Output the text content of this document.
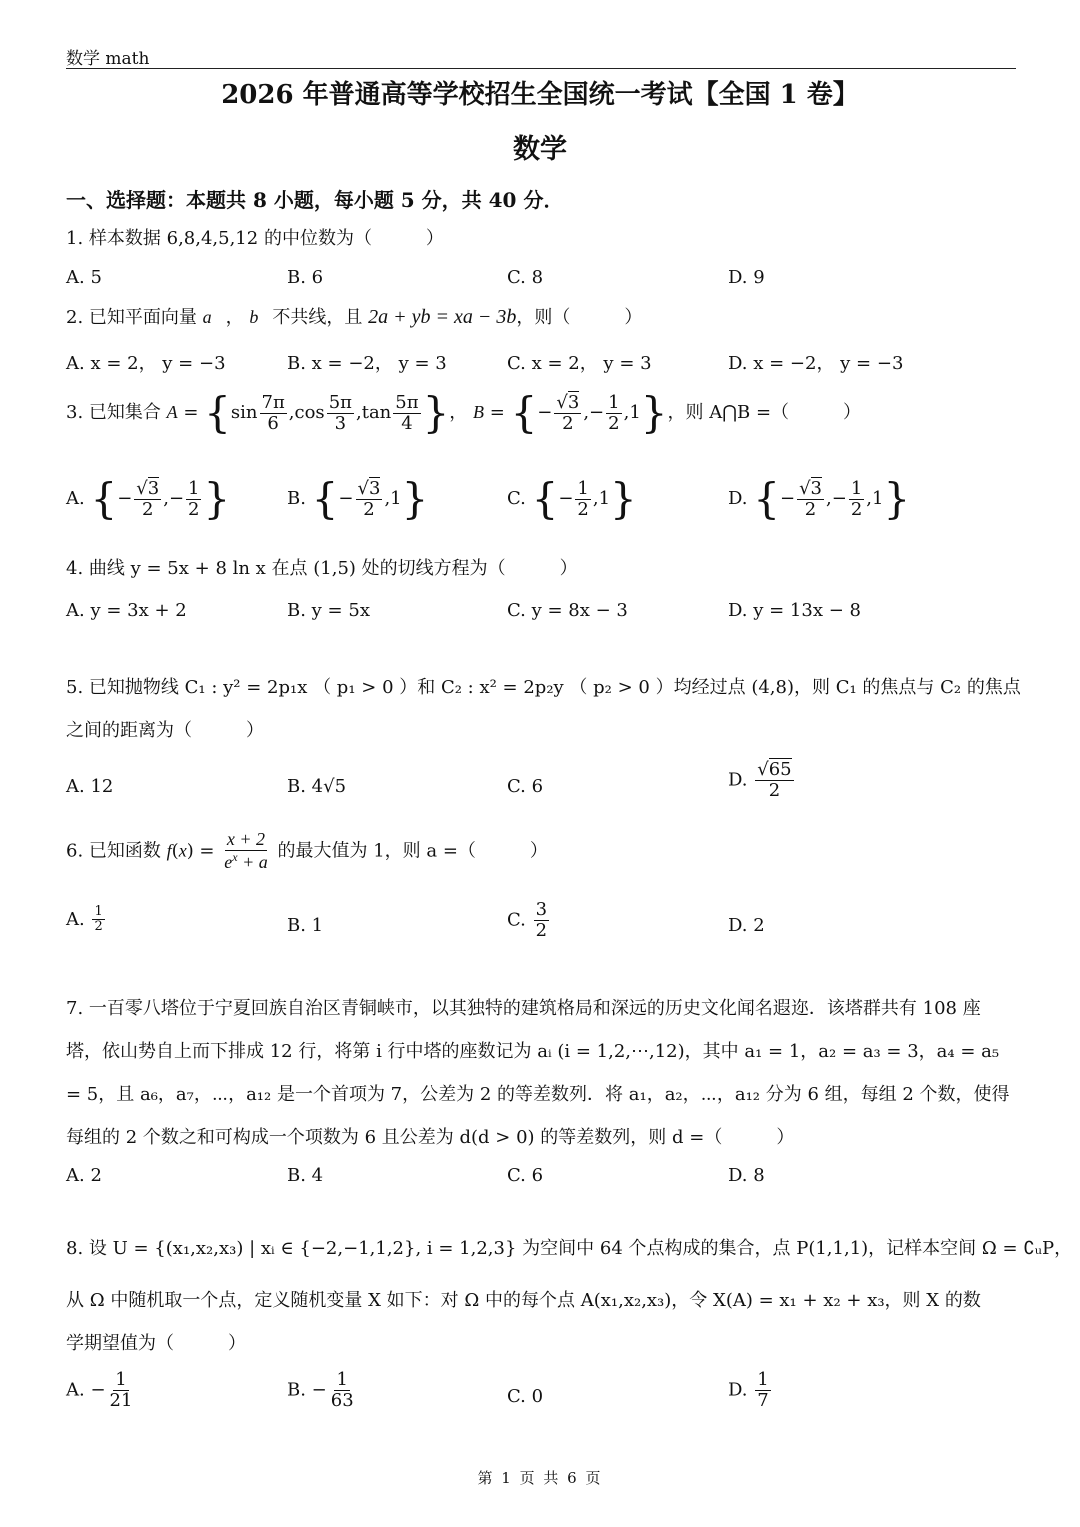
数学 math
2026 年普通高等学校招生全国统一考试【全国 1 卷】
数学
一、选择题：本题共 8 小题，每小题 5 分，共 40 分．
1. 样本数据 6,8,4,5,12 的中位数为（　　　）
A. 5	B. 6	C. 8	D. 9
2. 已知平面向量 a⃗， b⃗不共线，且 2a + yb = xa − 3b，则（　　　）
A. x = 2， y = −3	B. x = −2， y = 3	C. x = 2， y = 3	D. x = −2， y = −3
3. 已知集合 $A = \{\sin \frac{7\pi}{6} ,\cos \frac{5\pi}{3} ,\tan \frac{5\pi}{4}$ }， B = {− $\frac{√3}{2}$ ,− $\frac{1}{2} ,1$}，则 A⋂B =（　　　）
A. {− $\frac{√3}{2}$ ,− $\frac{1}{2}$ }	B. {− $\frac{√3}{2} ,1$}	C. {− $\frac{1}{2} ,1$}	D. {− $\frac{√3}{2}$ ,− $\frac{1}{2} ,1$}
4. 曲线 y = 5x + 8 ln x 在点 (1,5) 处的切线方程为（　　　）
A. y = 3x + 2	B. y = 5x	C. y = 8x − 3	D. y = 13x − 8
5. 已知抛物线 C₁ : y² = 2p₁x （ p₁ > 0 ）和 C₂ : x² = 2p₂y （ p₂ > 0 ）均经过点 (4,8)，则 C₁ 的焦点与 C₂ 的焦点
之间的距离为（　　　）
A. 12	B. 4√5	C. 6	D. $\frac{√65}{2}$
6. 已知函数 $f(x) = \frac{x + 2}{e^x + a}$ 的最大值为 1，则 a =（　　　）
A. $\frac{1}{2}$	B. 1	C. $\frac{3}{2}$	D. 2
7. 一百零八塔位于宁夏回族自治区青铜峡市，以其独特的建筑格局和深远的历史文化闻名遐迩．该塔群共有 108 座塔，依山势自上而下排成 12 行，将第 i 行中塔的座数记为 aᵢ (i = 1,2,⋯,12)，其中 a₁ = 1，a₂ = a₃ = 3，a₄ = a₅ = 5，且 a₆，a₇，⋯，a₁₂ 是一个首项为 7，公差为 2 的等差数列．将 a₁，a₂，⋯，a₁₂ 分为 6 组，每组 2 个数，使得每组的 2 个数之和可构成一个项数为 6 且公差为 d(d > 0) 的等差数列，则 d =（　　　）
A. 2	B. 4	C. 6	D. 8
8. 设 U = {(x₁,x₂,x₃) | xᵢ ∈ {−2,−1,1,2}, i = 1,2,3} 为空间中 64 个点构成的集合，点 P(1,1,1)，记样本空间 Ω = ∁ᵤP，
从 Ω 中随机取一个点，定义随机变量 X 如下：对 Ω 中的每个点 A(x₁,x₂,x₃)，令 X(A) = x₁ + x₂ + x₃，则 X 的数
学期望值为（　　　）
A. − $\frac{1}{21}$	B. − $\frac{1}{63}$	C. 0	D. $\frac{1}{7}$
第 1 页 共 6 页
